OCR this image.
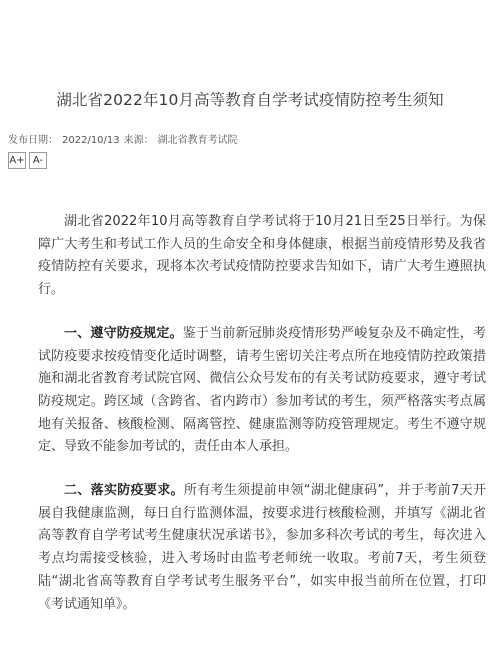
湖北省2022年10月高等教育自学考试疫情防控考生须知
发布日期： 2022/10/13 来源： 湖北省教育考试院
A+ A-

湖北省2022年10月高等教育自学考试将于10月21日至25日举行。为保障广大考生和考试工作人员的生命安全和身体健康，根据当前疫情形势及我省疫情防控有关要求，现将本次考试疫情防控要求告知如下，请广大考生遵照执行。

一、遵守防疫规定。鉴于当前新冠肺炎疫情形势严峻复杂及不确定性，考试防疫要求按疫情变化适时调整，请考生密切关注考点所在地疫情防控政策措施和湖北省教育考试院官网、微信公众号发布的有关考试防疫要求，遵守考试防疫规定。跨区域（含跨省、省内跨市）参加考试的考生，须严格落实考点属地有关报备、核酸检测、隔离管控、健康监测等防疫管理规定。考生不遵守规定、导致不能参加考试的，责任由本人承担。

二、落实防疫要求。所有考生须提前申领“湖北健康码”，并于考前7天开展自我健康监测，每日自行监测体温，按要求进行核酸检测，并填写《湖北省高等教育自学考试考生健康状况承诺书》，参加多科次考试的考生，每次进入考点均需接受核验，进入考场时由监考老师统一收取。考前7天，考生须登陆“湖北省高等教育自学考试考生服务平台”，如实申报当前所在位置，打印《考试通知单》。
